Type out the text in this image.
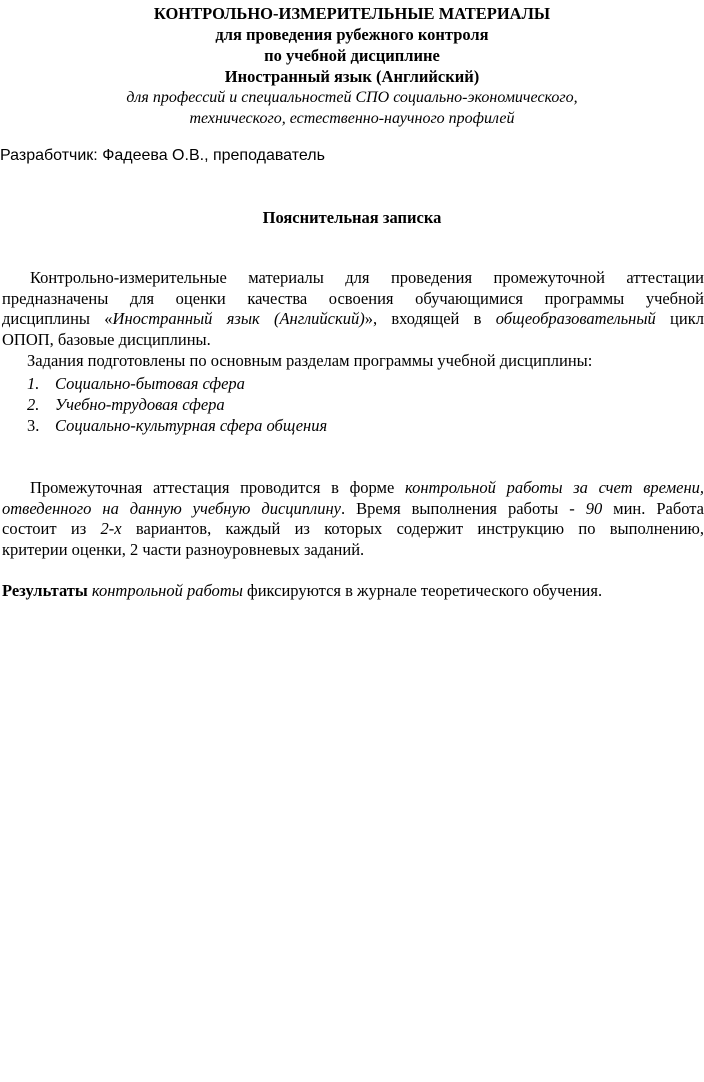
КОНТРОЛЬНО-ИЗМЕРИТЕЛЬНЫЕ МАТЕРИАЛЫ
для проведения рубежного контроля
по учебной дисциплине
Иностранный язык (Английский)
для профессий и специальностей СПО социально-экономического,
технического, естественно-научного профилей
Разработчик: Фадеева О.В., преподаватель
Пояснительная записка
Контрольно-измерительные материалы для проведения промежуточной аттестации
предназначены для оценки качества освоения обучающимися программы учебной
дисциплины «Иностранный язык (Английский)», входящей в общеобразовательный цикл
ОПОП, базовые дисциплины.
Задания подготовлены по основным разделам программы учебной дисциплины:
1. Социально-бытовая сфера
2. Учебно-трудовая сфера
3. Социально-культурная сфера общения
Промежуточная аттестация проводится в форме контрольной работы за счет времени,
отведенного на данную учебную дисциплину. Время выполнения работы - 90 мин. Работа
состоит из 2-х вариантов, каждый из которых содержит инструкцию по выполнению,
критерии оценки, 2 части разноуровневых заданий.
Результаты контрольной работы фиксируются в журнале теоретического обучения.
